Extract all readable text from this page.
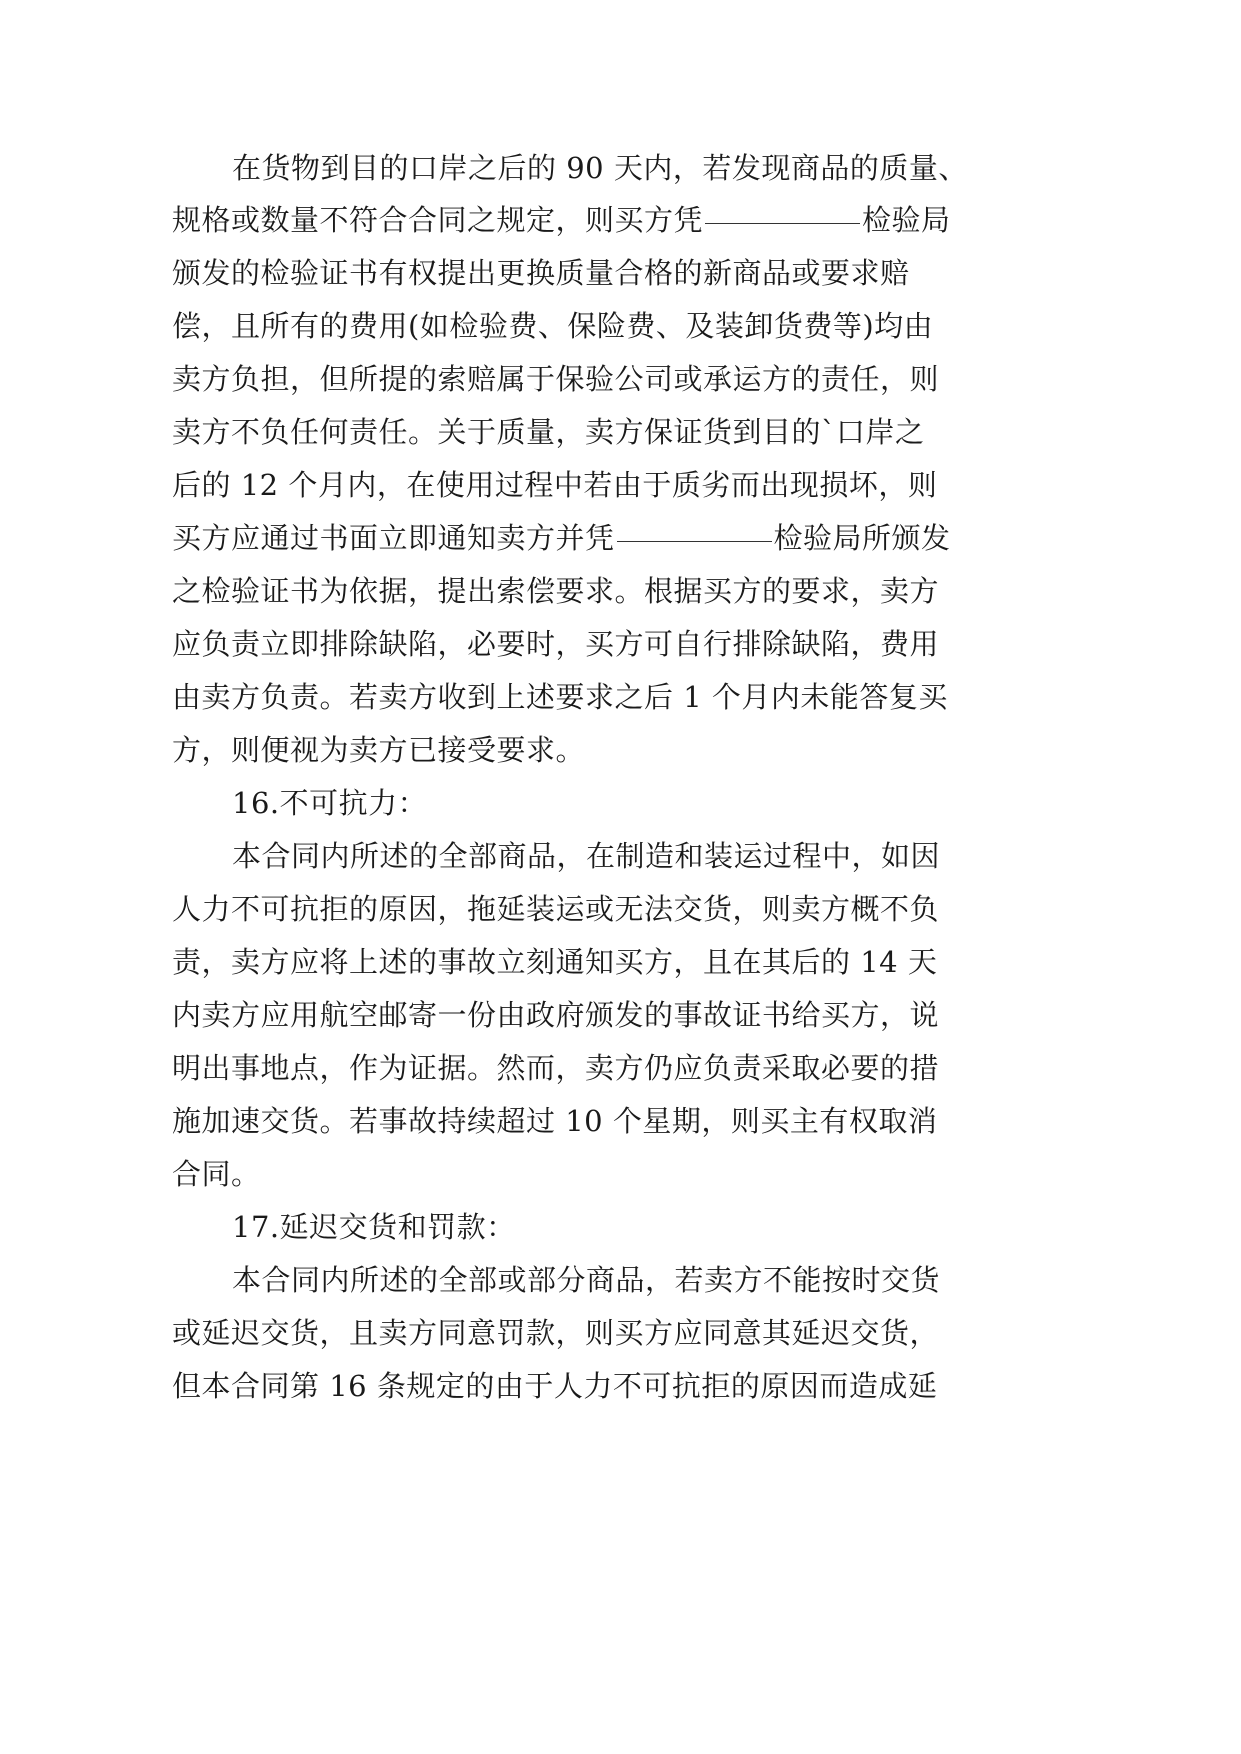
在货物到目的口岸之后的 90 天内，若发现商品的质量、
规格或数量不符合合同之规定，则买方凭	检验局
颁发的检验证书有权提出更换质量合格的新商品或要求赔
偿，且所有的费用(如检验费、保险费、及装卸货费等)均由
卖方负担，但所提的索赔属于保验公司或承运方的责任，则
卖方不负任何责任。关于质量，卖方保证货到目的`口岸之
后的 12 个月内，在使用过程中若由于质劣而出现损坏，则
买方应通过书面立即通知卖方并凭	检验局所颁发
之检验证书为依据，提出索偿要求。根据买方的要求，卖方
应负责立即排除缺陷，必要时，买方可自行排除缺陷，费用
由卖方负责。若卖方收到上述要求之后 1 个月内未能答复买
方，则便视为卖方已接受要求。
16.不可抗力：
本合同内所述的全部商品，在制造和装运过程中，如因
人力不可抗拒的原因，拖延装运或无法交货，则卖方概不负
责，卖方应将上述的事故立刻通知买方，且在其后的 14 天
内卖方应用航空邮寄一份由政府颁发的事故证书给买方，说
明出事地点，作为证据。然而，卖方仍应负责采取必要的措
施加速交货。若事故持续超过 10 个星期，则买主有权取消
合同。
17.延迟交货和罚款：
本合同内所述的全部或部分商品，若卖方不能按时交货
或延迟交货，且卖方同意罚款，则买方应同意其延迟交货，
但本合同第 16 条规定的由于人力不可抗拒的原因而造成延
